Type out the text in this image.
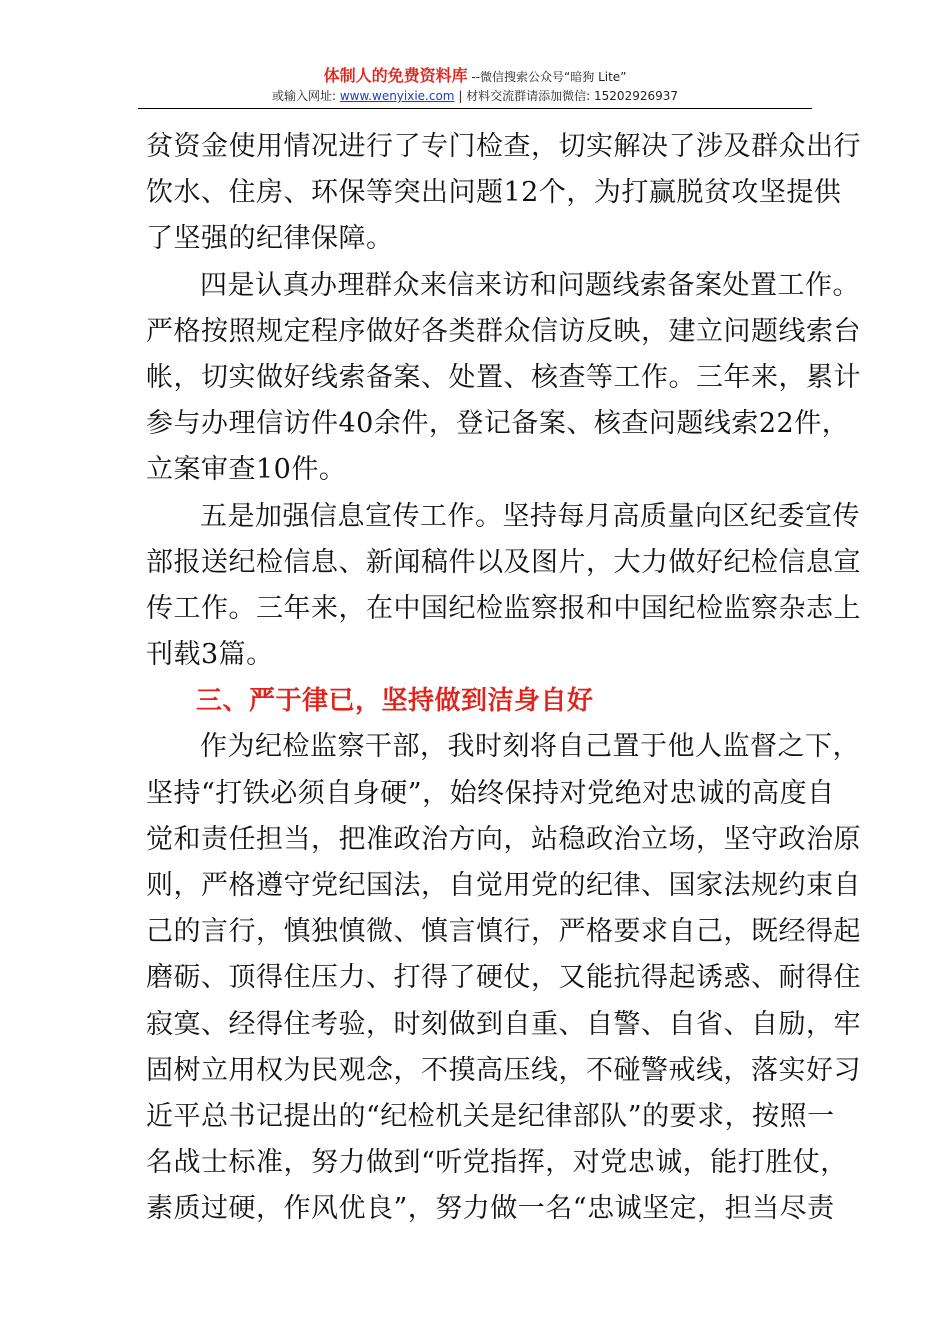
体制人的免费资料库 --微信搜索公众号“暗狗 Lite”
或输入网址: www.wenyixie.com | 材料交流群请添加微信: 15202926937
贫资金使用情况进行了专门检查，切实解决了涉及群众出行
饮水、住房、环保等突出问题12个，为打赢脱贫攻坚提供
了坚强的纪律保障。
四是认真办理群众来信来访和问题线索备案处置工作。
严格按照规定程序做好各类群众信访反映，建立问题线索台
帐，切实做好线索备案、处置、核查等工作。三年来，累计
参与办理信访件40余件，登记备案、核查问题线索22件，
立案审查10件。
五是加强信息宣传工作。坚持每月高质量向区纪委宣传
部报送纪检信息、新闻稿件以及图片，大力做好纪检信息宣
传工作。三年来，在中国纪检监察报和中国纪检监察杂志上
刊载3篇。
三、严于律已，坚持做到洁身自好
作为纪检监察干部，我时刻将自己置于他人监督之下，
坚持“打铁必须自身硬”，始终保持对党绝对忠诚的高度自
觉和责任担当，把准政治方向，站稳政治立场，坚守政治原
则，严格遵守党纪国法，自觉用党的纪律、国家法规约束自
己的言行，慎独慎微、慎言慎行，严格要求自己，既经得起
磨砺、顶得住压力、打得了硬仗，又能抗得起诱惑、耐得住
寂寞、经得住考验，时刻做到自重、自警、自省、自励，牢
固树立用权为民观念，不摸高压线，不碰警戒线，落实好习
近平总书记提出的“纪检机关是纪律部队”的要求，按照一
名战士标准，努力做到“听党指挥，对党忠诚，能打胜仗，
素质过硬，作风优良”，努力做一名“忠诚坚定，担当尽责
